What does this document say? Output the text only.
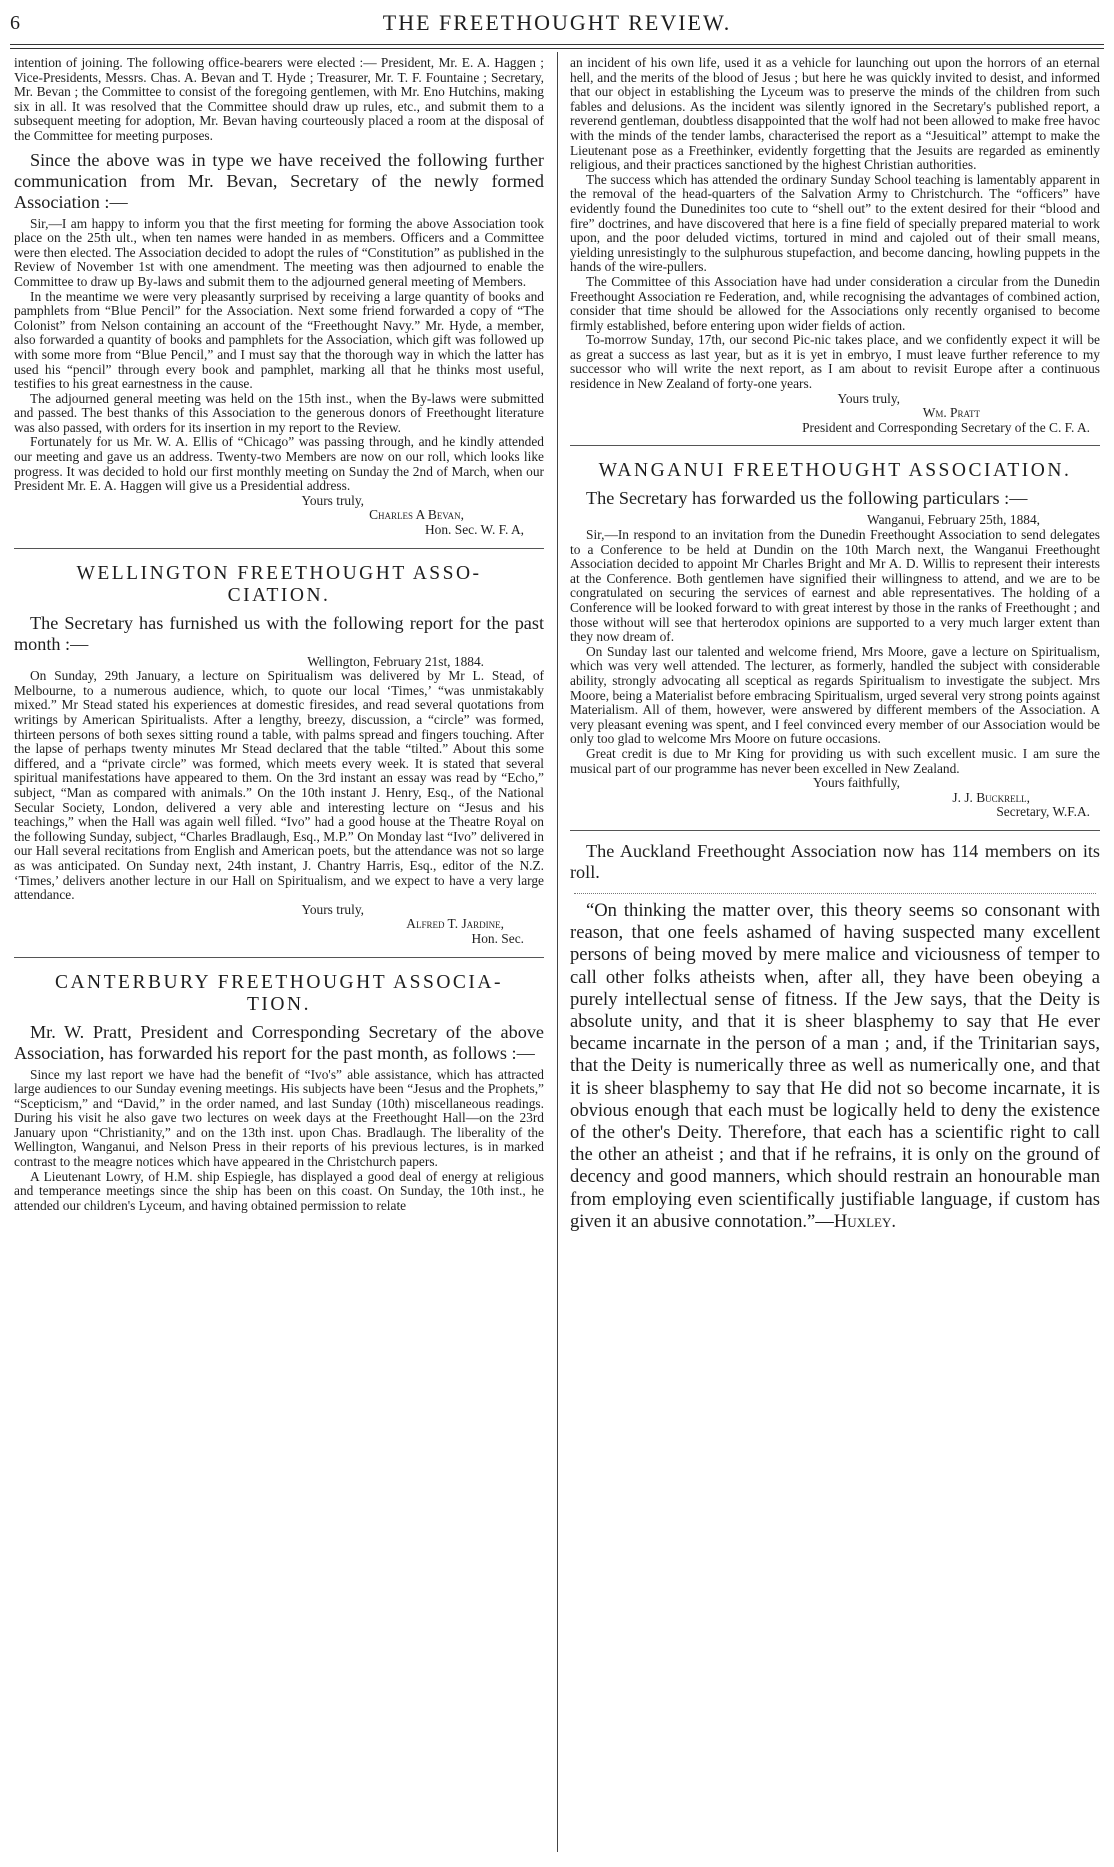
6	THE FREETHOUGHT REVIEW.

intention of joining. The following office-bearers were elected :— President, Mr. E. A. Haggen ; Vice-Presidents, Messrs. Chas. A. Bevan and T. Hyde ; Treasurer, Mr. T. F. Fountaine ; Secretary, Mr. Bevan ; the Committee to consist of the foregoing gentlemen, with Mr. Eno Hutchins, making six in all. It was resolved that the Committee should draw up rules, etc., and submit them to a subsequent meeting for adoption, Mr. Bevan having courteously placed a room at the disposal of the Committee for meeting purposes.

Since the above was in type we have received the following further communication from Mr. Bevan, Secretary of the newly formed Association :—

Sir,—I am happy to inform you that the first meeting for forming the above Association took place on the 25th ult., when ten names were handed in as members. Officers and a Committee were then elected. The Association decided to adopt the rules of “Constitution” as published in the Review of November 1st with one amendment. The meeting was then adjourned to enable the Committee to draw up By-laws and submit them to the adjourned general meeting of Members.

In the meantime we were very pleasantly surprised by receiving a large quantity of books and pamphlets from “Blue Pencil” for the Association. Next some friend forwarded a copy of “The Colonist” from Nelson containing an account of the “Freethought Navy.” Mr. Hyde, a member, also forwarded a quantity of books and pamphlets for the Association, which gift was followed up with some more from “Blue Pencil,” and I must say that the thorough way in which the latter has used his “pencil” through every book and pamphlet, marking all that he thinks most useful, testifies to his great earnestness in the cause.

The adjourned general meeting was held on the 15th inst., when the By-laws were submitted and passed. The best thanks of this Association to the generous donors of Freethought literature was also passed, with orders for its insertion in my report to the Review.

Fortunately for us Mr. W. A. Ellis of “Chicago” was passing through, and he kindly attended our meeting and gave us an address. Twenty-two Members are now on our roll, which looks like progress. It was decided to hold our first monthly meeting on Sunday the 2nd of March, when our President Mr. E. A. Haggen will give us a Presidential address.

Yours truly,

Charles A Bevan,

Hon. Sec. W. F. A,

WELLINGTON FREETHOUGHT ASSO- CIATION.

The Secretary has furnished us with the following report for the past month :—

Wellington, February 21st, 1884.

On Sunday, 29th January, a lecture on Spiritualism was delivered by Mr L. Stead, of Melbourne, to a numerous audience, which, to quote our local ‘Times,’ “was unmistakably mixed.” Mr Stead stated his experiences at domestic firesides, and read several quotations from writings by American Spiritualists. After a lengthy, breezy, discussion, a “circle” was formed, thirteen persons of both sexes sitting round a table, with palms spread and fingers touching. After the lapse of perhaps twenty minutes Mr Stead declared that the table “tilted.” About this some differed, and a “private circle” was formed, which meets every week. It is stated that several spiritual manifestations have appeared to them. On the 3rd instant an essay was read by “Echo,” subject, “Man as compared with animals.” On the 10th instant J. Henry, Esq., of the National Secular Society, London, delivered a very able and interesting lecture on “Jesus and his teachings,” when the Hall was again well filled. “Ivo” had a good house at the Theatre Royal on the following Sunday, subject, “Charles Bradlaugh, Esq., M.P.” On Monday last “Ivo” delivered in our Hall several recitations from English and American poets, but the attendance was not so large as was anticipated. On Sunday next, 24th instant, J. Chantry Harris, Esq., editor of the N.Z. ‘Times,’ delivers another lecture in our Hall on Spiritualism, and we expect to have a very large attendance.

Yours truly,

Alfred T. Jardine,

Hon. Sec.

CANTERBURY FREETHOUGHT ASSOCIA- TION.

Mr. W. Pratt, President and Corresponding Secretary of the above Association, has forwarded his report for the past month, as follows :—

Since my last report we have had the benefit of “Ivo's” able assistance, which has attracted large audiences to our Sunday evening meetings. His subjects have been “Jesus and the Prophets,” “Scepticism,” and “David,” in the order named, and last Sunday (10th) miscellaneous readings. During his visit he also gave two lectures on week days at the Freethought Hall—on the 23rd January upon “Christianity,” and on the 13th inst. upon Chas. Bradlaugh. The liberality of the Wellington, Wanganui, and Nelson Press in their reports of his previous lectures, is in marked contrast to the meagre notices which have appeared in the Christchurch papers.

A Lieutenant Lowry, of H.M. ship Espiegle, has displayed a good deal of energy at religious and temperance meetings since the ship has been on this coast. On Sunday, the 10th inst., he attended our children's Lyceum, and having obtained permission to relate

an incident of his own life, used it as a vehicle for launching out upon the horrors of an eternal hell, and the merits of the blood of Jesus ; but here he was quickly invited to desist, and informed that our object in establishing the Lyceum was to preserve the minds of the children from such fables and delusions. As the incident was silently ignored in the Secretary's published report, a reverend gentleman, doubtless disappointed that the wolf had not been allowed to make free havoc with the minds of the tender lambs, characterised the report as a “Jesuitical” attempt to make the Lieutenant pose as a Freethinker, evidently forgetting that the Jesuits are regarded as eminently religious, and their practices sanctioned by the highest Christian authorities.

The success which has attended the ordinary Sunday School teaching is lamentably apparent in the removal of the head-quarters of the Salvation Army to Christchurch. The “officers” have evidently found the Dunedinites too cute to “shell out” to the extent desired for their “blood and fire” doctrines, and have discovered that here is a fine field of specially prepared material to work upon, and the poor deluded victims, tortured in mind and cajoled out of their small means, yielding unresistingly to the sulphurous stupefaction, and become dancing, howling puppets in the hands of the wire-pullers.

The Committee of this Association have had under consideration a circular from the Dunedin Freethought Association re Federation, and, while recognising the advantages of combined action, consider that time should be allowed for the Associations only recently organised to become firmly established, before entering upon wider fields of action.

To-morrow Sunday, 17th, our second Pic-nic takes place, and we confidently expect it will be as great a success as last year, but as it is yet in embryo, I must leave further reference to my successor who will write the next report, as I am about to revisit Europe after a continuous residence in New Zealand of forty-one years.

Yours truly,

Wm. Pratt

President and Corresponding Secretary of the C. F. A.

WANGANUI FREETHOUGHT ASSOCIATION.

The Secretary has forwarded us the following particulars :—

Wanganui, February 25th, 1884,

Sir,—In respond to an invitation from the Dunedin Freethought Association to send delegates to a Conference to be held at Dundin on the 10th March next, the Wanganui Freethought Association decided to appoint Mr Charles Bright and Mr A. D. Willis to represent their interests at the Conference. Both gentlemen have signified their willingness to attend, and we are to be congratulated on securing the services of earnest and able representatives. The holding of a Conference will be looked forward to with great interest by those in the ranks of Freethought ; and those without will see that herterodox opinions are supported to a very much larger extent than they now dream of.

On Sunday last our talented and welcome friend, Mrs Moore, gave a lecture on Spiritualism, which was very well attended. The lecturer, as formerly, handled the subject with considerable ability, strongly advocating all sceptical as regards Spiritualism to investigate the subject. Mrs Moore, being a Materialist before embracing Spiritualism, urged several very strong points against Materialism. All of them, however, were answered by different members of the Association. A very pleasant evening was spent, and I feel convinced every member of our Association would be only too glad to welcome Mrs Moore on future occasions.

Great credit is due to Mr King for providing us with such excellent music. I am sure the musical part of our programme has never been excelled in New Zealand.

Yours faithfully,

J. J. Buckrell,

Secretary, W.F.A.

The Auckland Freethought Association now has 114 members on its roll.

“On thinking the matter over, this theory seems so consonant with reason, that one feels ashamed of having suspected many excellent persons of being moved by mere malice and viciousness of temper to call other folks atheists when, after all, they have been obeying a purely intellectual sense of fitness. If the Jew says, that the Deity is absolute unity, and that it is sheer blasphemy to say that He ever became incarnate in the person of a man ; and, if the Trinitarian says, that the Deity is numerically three as well as numerically one, and that it is sheer blasphemy to say that He did not so become incarnate, it is obvious enough that each must be logically held to deny the existence of the other's Deity. Therefore, that each has a scientific right to call the other an atheist ; and that if he refrains, it is only on the ground of decency and good manners, which should restrain an honourable man from employing even scientifically justifiable language, if custom has given it an abusive connotation.”—Huxley.
